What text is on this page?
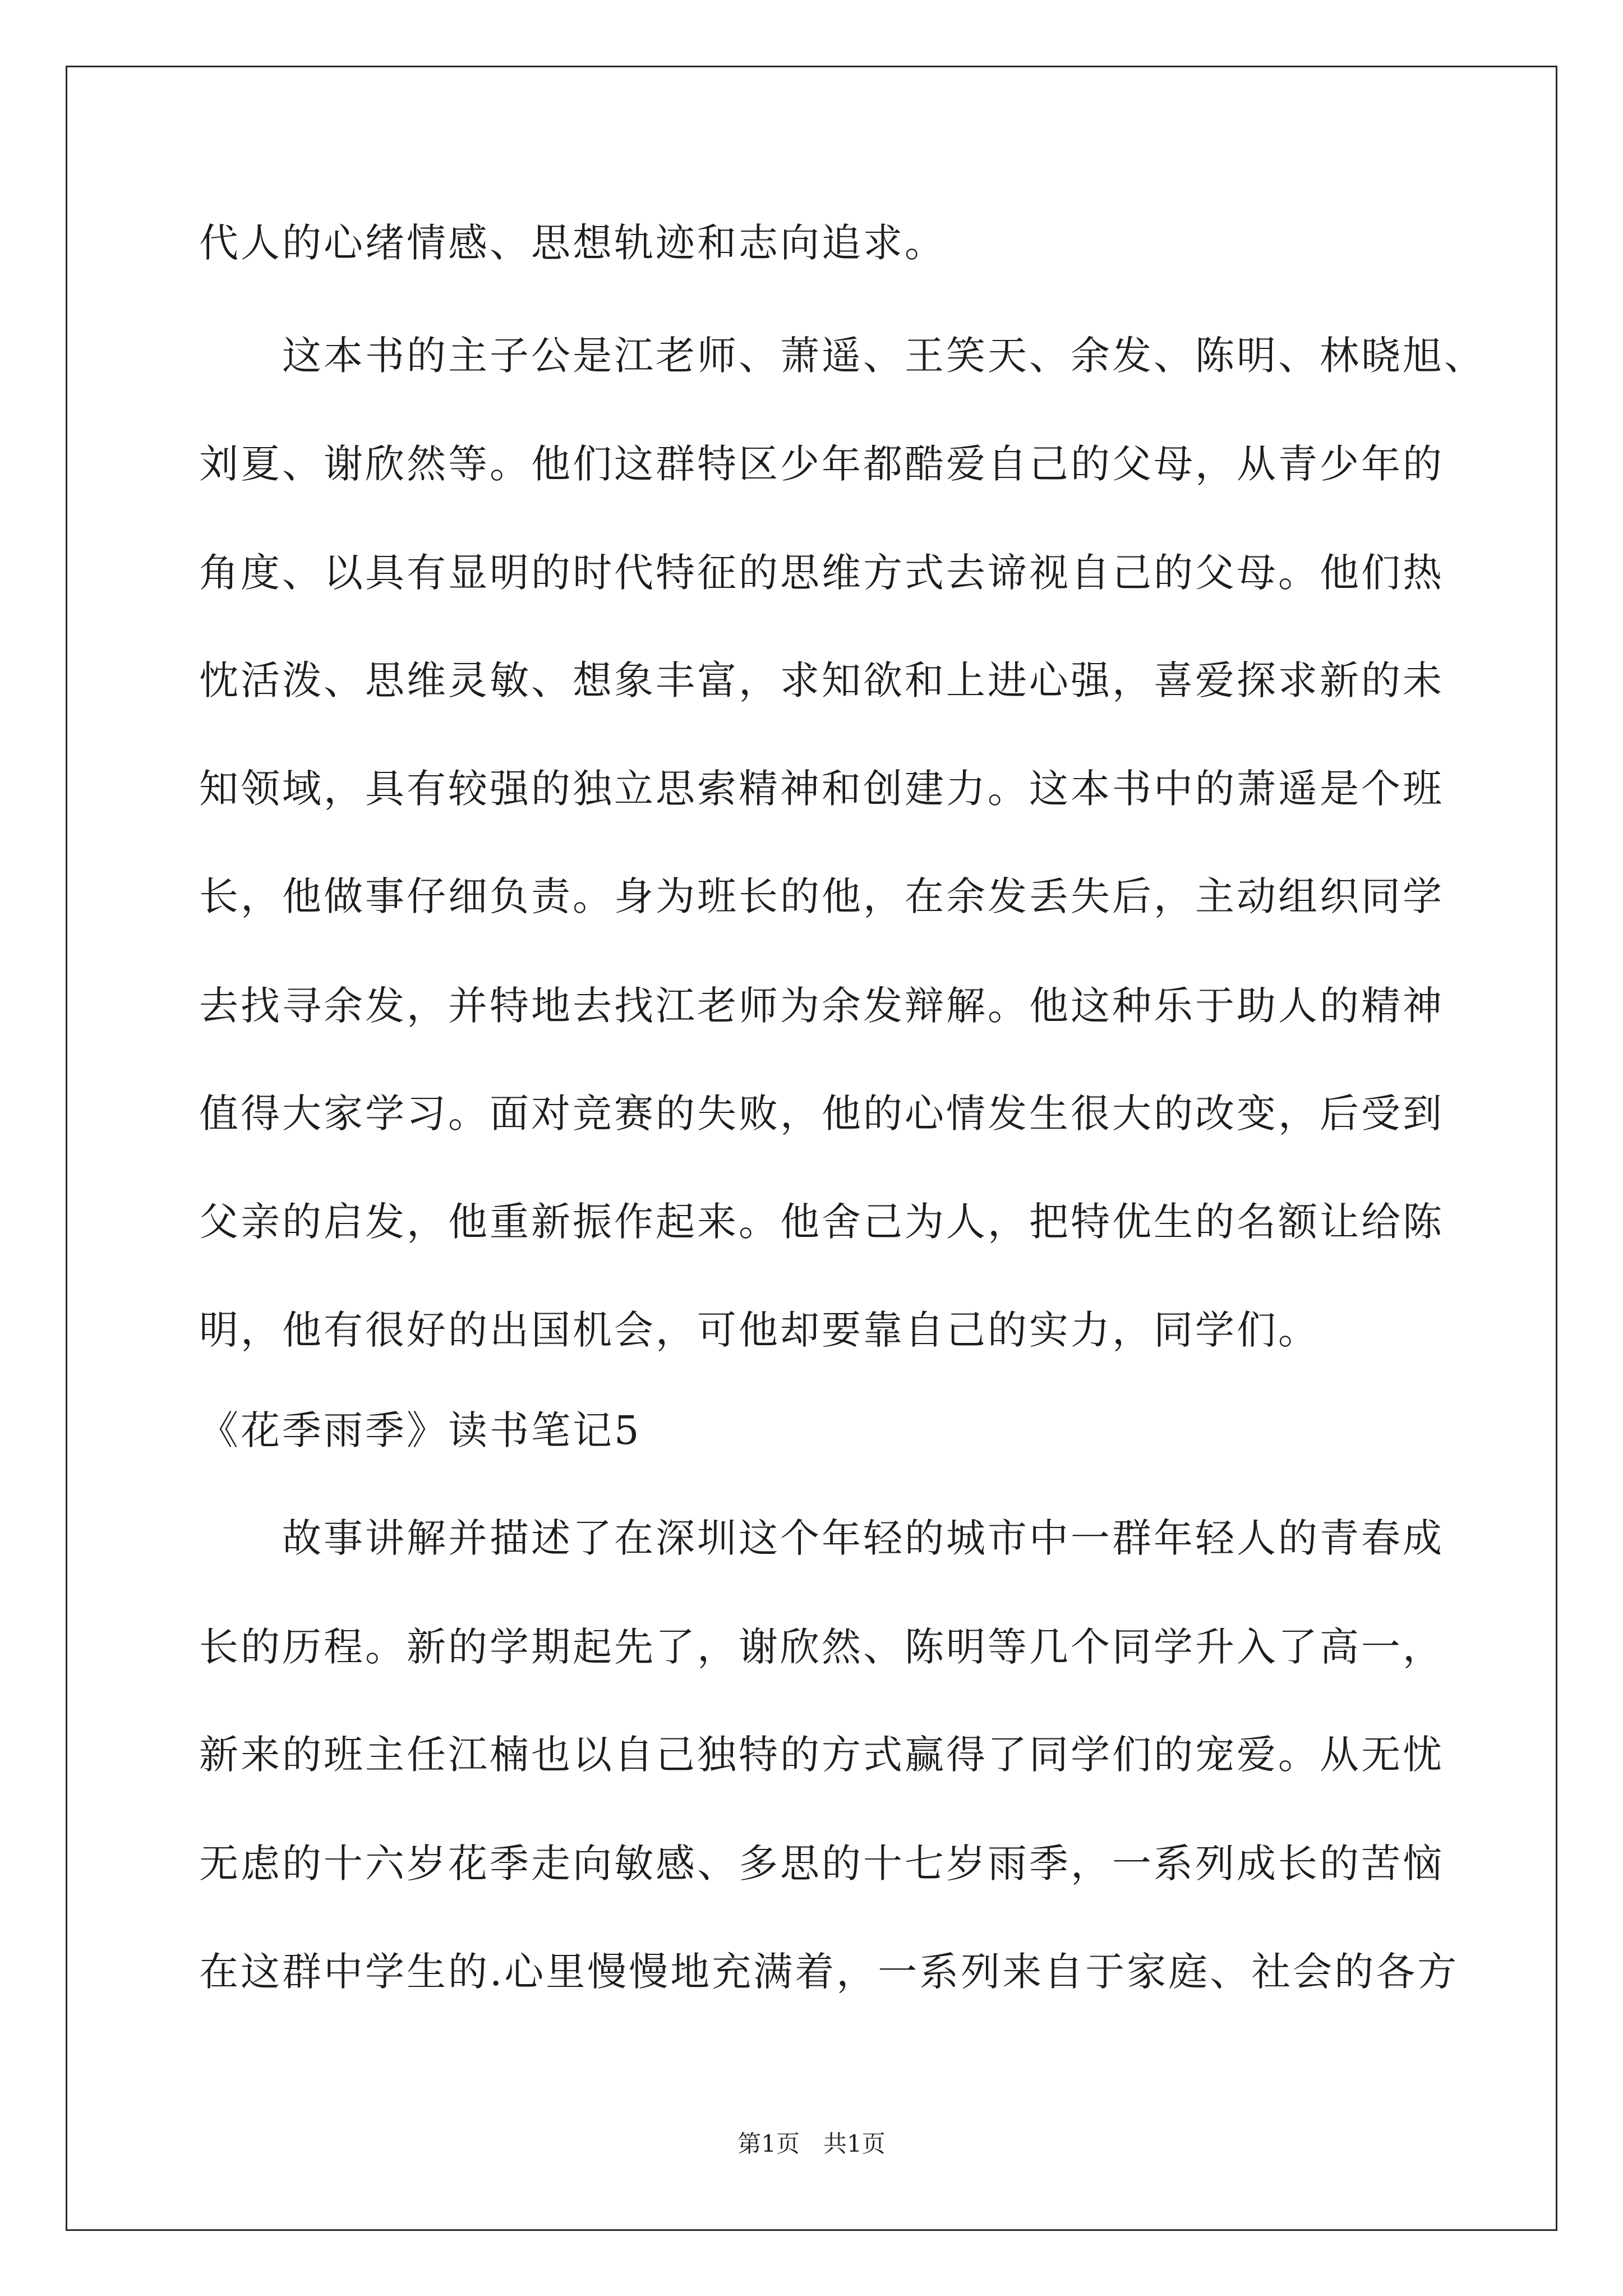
代人的心绪情感、思想轨迹和志向追求。
　　这本书的主子公是江老师、萧遥、王笑天、余发、陈明、林晓旭、
刘夏、谢欣然等。他们这群特区少年都酷爱自己的父母，从青少年的
角度、以具有显明的时代特征的思维方式去谛视自己的父母。他们热
忱活泼、思维灵敏、想象丰富，求知欲和上进心强，喜爱探求新的未
知领域，具有较强的独立思索精神和创建力。这本书中的萧遥是个班
长，他做事仔细负责。身为班长的他，在余发丢失后，主动组织同学
去找寻余发，并特地去找江老师为余发辩解。他这种乐于助人的精神
值得大家学习。面对竞赛的失败，他的心情发生很大的改变，后受到
父亲的启发，他重新振作起来。他舍己为人，把特优生的名额让给陈
明，他有很好的出国机会，可他却要靠自己的实力，同学们。
《花季雨季》读书笔记5
　　故事讲解并描述了在深圳这个年轻的城市中一群年轻人的青春成
长的历程。新的学期起先了，谢欣然、陈明等几个同学升入了高一，
新来的班主任江楠也以自己独特的方式赢得了同学们的宠爱。从无忧
无虑的十六岁花季走向敏感、多思的十七岁雨季，一系列成长的苦恼
在这群中学生的.心里慢慢地充满着，一系列来自于家庭、社会的各方
第1页　共1页
